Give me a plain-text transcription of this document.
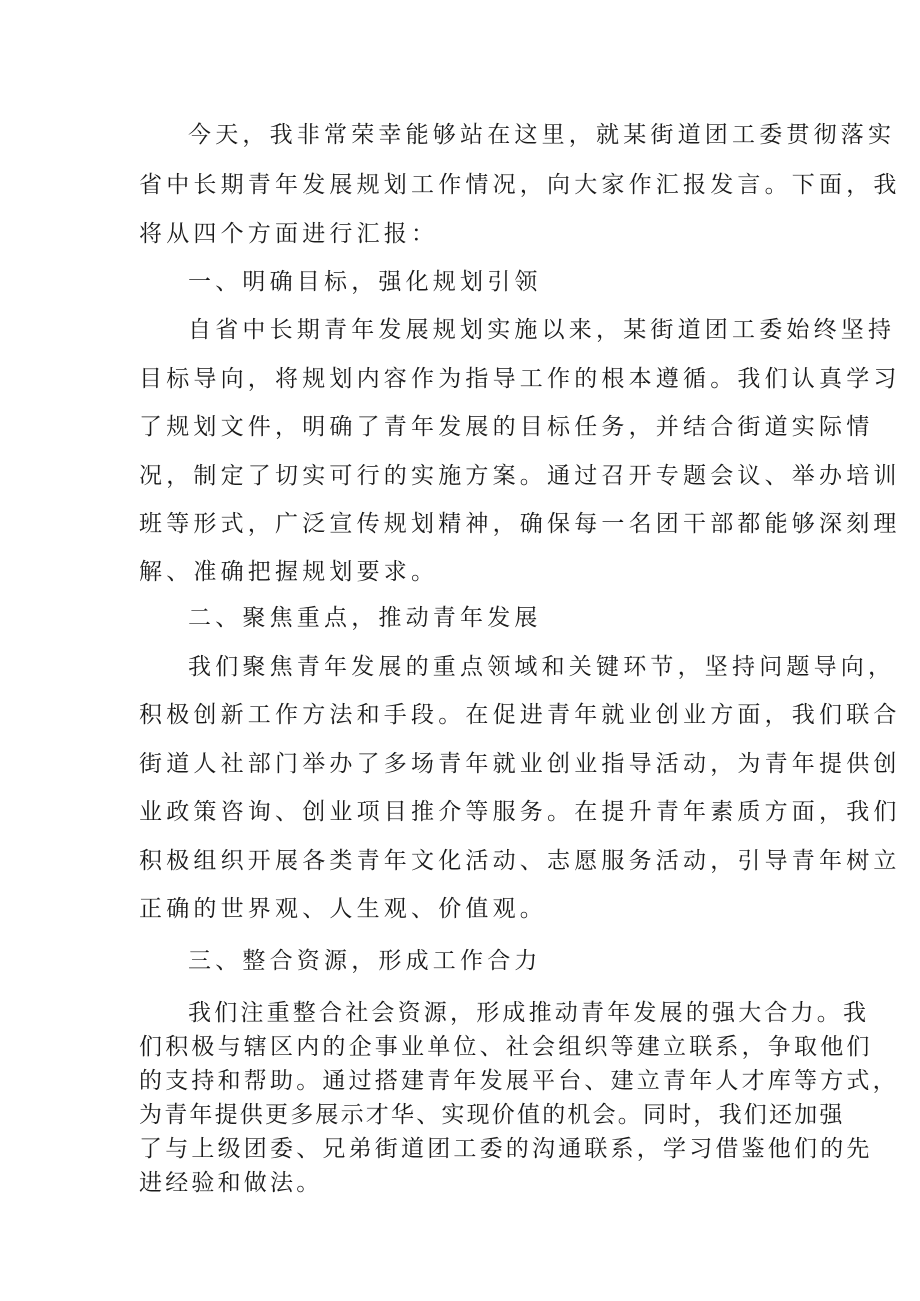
今天，我非常荣幸能够站在这里，就某街道团工委贯彻落实
省中长期青年发展规划工作情况，向大家作汇报发言。下面，我
将从四个方面进行汇报：
一、明确目标，强化规划引领
自省中长期青年发展规划实施以来，某街道团工委始终坚持
目标导向，将规划内容作为指导工作的根本遵循。我们认真学习
了规划文件，明确了青年发展的目标任务，并结合街道实际情
况，制定了切实可行的实施方案。通过召开专题会议、举办培训
班等形式，广泛宣传规划精神，确保每一名团干部都能够深刻理
解、准确把握规划要求。
二、聚焦重点，推动青年发展
我们聚焦青年发展的重点领域和关键环节，坚持问题导向，
积极创新工作方法和手段。在促进青年就业创业方面，我们联合
街道人社部门举办了多场青年就业创业指导活动，为青年提供创
业政策咨询、创业项目推介等服务。在提升青年素质方面，我们
积极组织开展各类青年文化活动、志愿服务活动，引导青年树立
正确的世界观、人生观、价值观。
三、整合资源，形成工作合力
我们注重整合社会资源，形成推动青年发展的强大合力。我
们积极与辖区内的企事业单位、社会组织等建立联系，争取他们
的支持和帮助。通过搭建青年发展平台、建立青年人才库等方式，
为青年提供更多展示才华、实现价值的机会。同时，我们还加强
了与上级团委、兄弟街道团工委的沟通联系，学习借鉴他们的先
进经验和做法。
